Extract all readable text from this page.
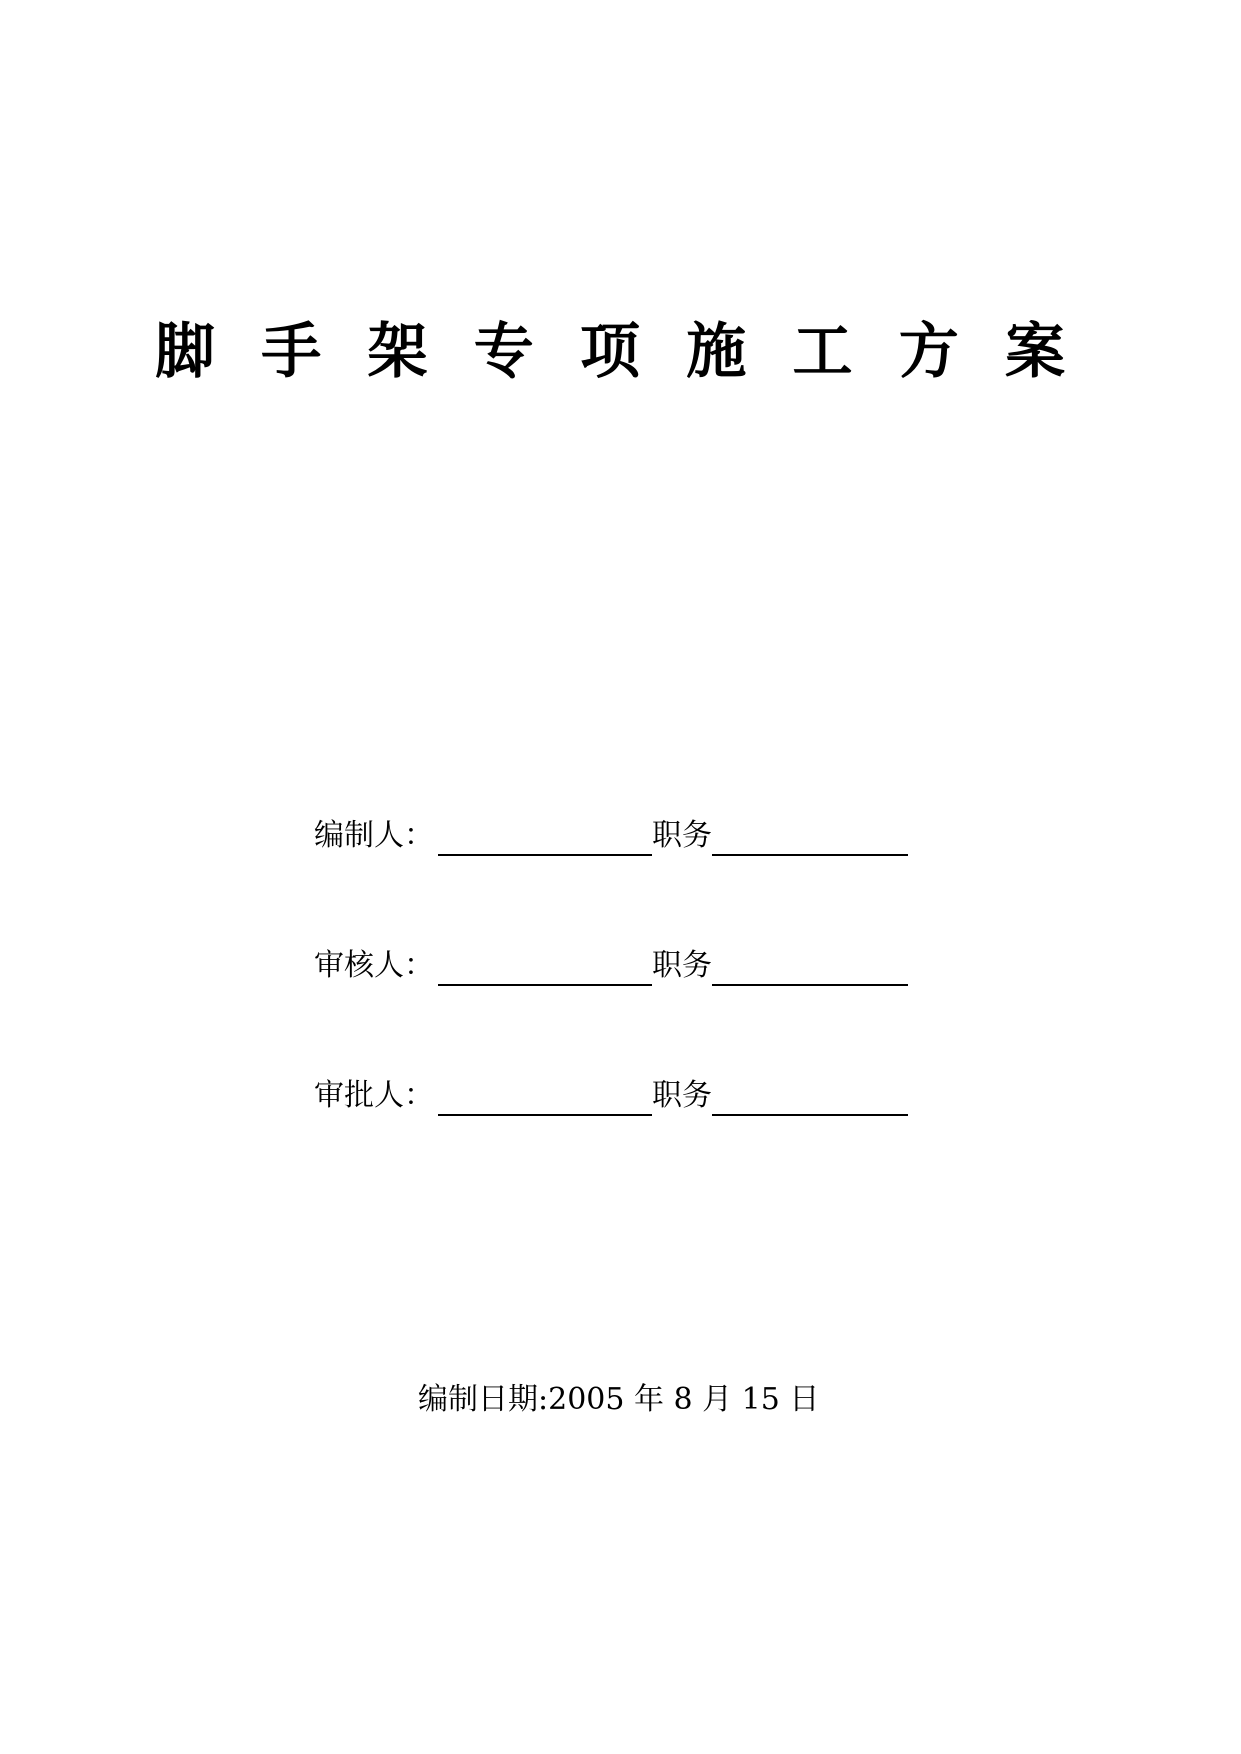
脚 手 架 专 项 施 工 方 案
编制人：	职务
审核人：	职务
审批人：	职务
编制日期:2005 年 8 月 15 日
